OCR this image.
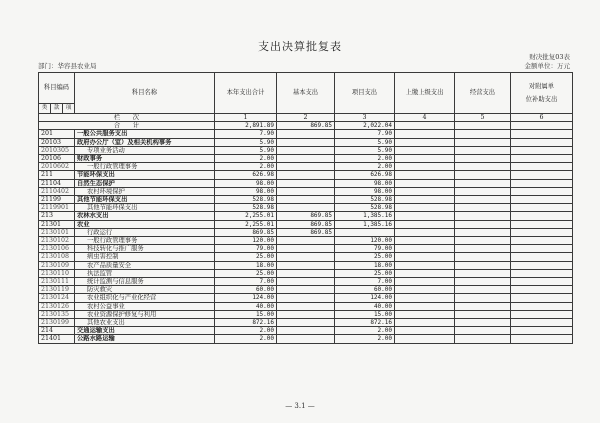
支出决算批复表
部门：华容县农业局
财决批复03表
金额单位：万元
科目编码			科目名称	本年支出合计	基本支出	项目支出	上缴上级支出	经营支出	对附属单
位补助支出

类	款	项							
栏　　次				1	2	3	4	5	6
合　　计				2,891.89	869.85	2,022.04			
201			一般公共服务支出	7.90		7.90			
20103			政府办公厅（室）及相关机构事务	5.90		5.90			
2010305			专项业务活动	5.90		5.90			
20106			财政事务	2.00		2.00			
2010602			一般行政管理事务	2.00		2.00			
211			节能环保支出	626.98		626.98			
21104			自然生态保护	98.00		98.00			
2110402			农村环境保护	98.00		98.00			
21199			其他节能环保支出	528.98		528.98			
2119901			其他节能环保支出	528.98		528.98			
213			农林水支出	2,255.01	869.85	1,385.16			
21301			农业	2,255.01	869.85	1,385.16			
2130101			行政运行	869.85	869.85				
2130102			一般行政管理事务	120.00		120.00			
2130106			科技转化与推广服务	79.00		79.00			
2130108			病虫害控制	25.00		25.00			
2130109			农产品质量安全	18.00		18.00			
2130110			执法监管	25.00		25.00			
2130111			统计监测与信息服务	7.00		7.00			
2130119			防灾救灾	60.00		60.00			
2130124			农业组织化与产业化经营	124.00		124.00			
2130126			农村公益事业	40.00		40.00			
2130135			农业资源保护修复与利用	15.00		15.00			
2130199			其他农业支出	872.16		872.16			
214			交通运输支出	2.00		2.00			
21401			公路水路运输	2.00		2.00			
— 3.1 —
